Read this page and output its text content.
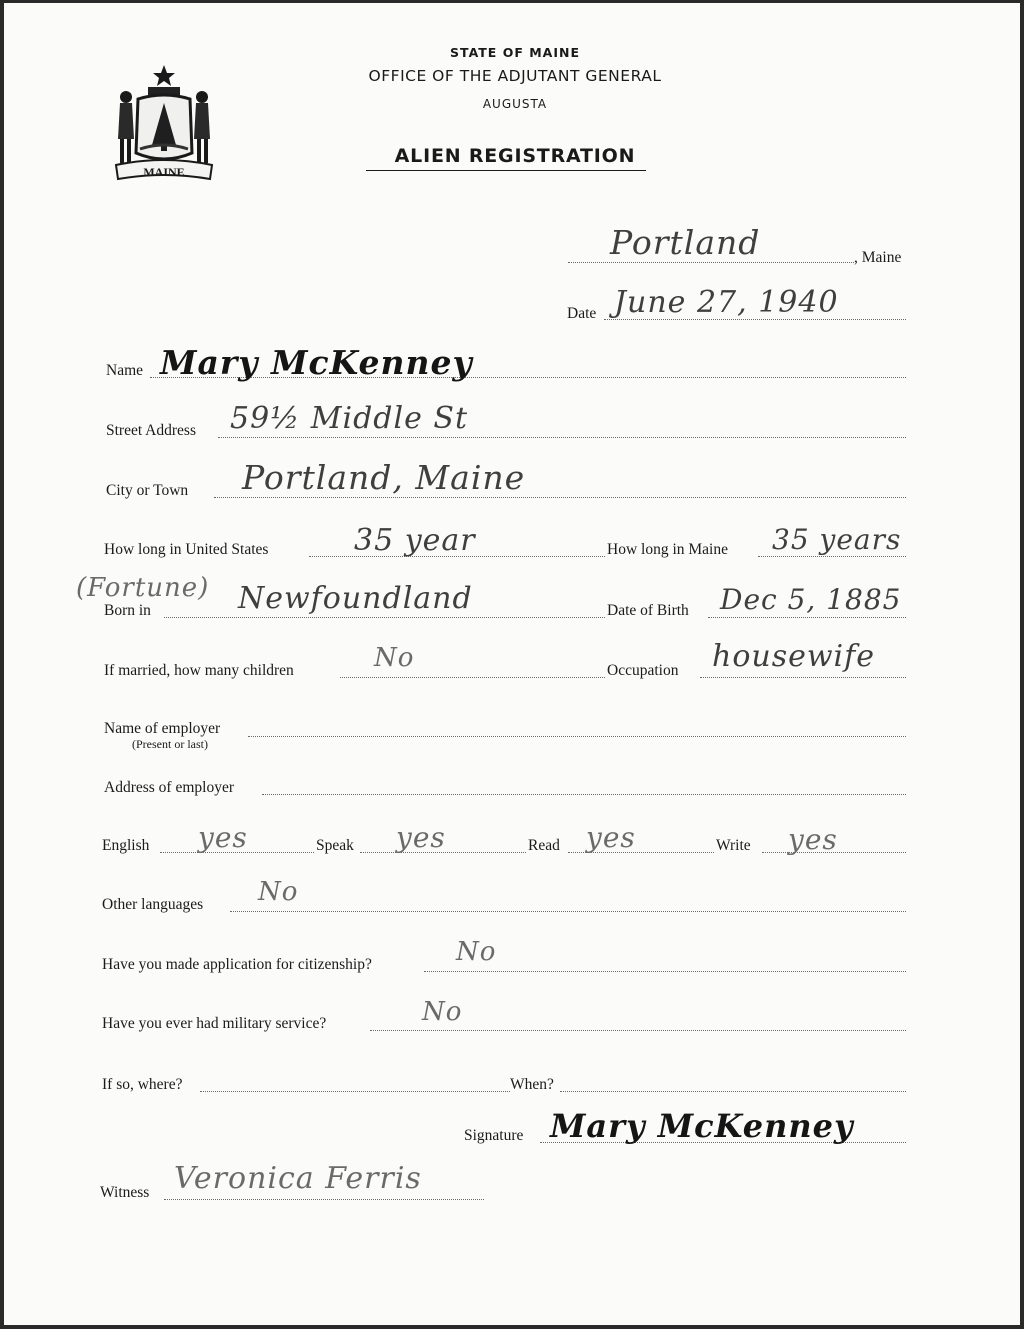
MAINE
STATE OF MAINE
OFFICE OF THE ADJUTANT GENERAL
AUGUSTA
ALIEN REGISTRATION
, Maine
Portland
Date June 27, 1940
Name Mary McKenney
Street Address 59½ Middle St
City or Town Portland, Maine
How long in United States	35 year	How long in Maine 35 years
(Fortune)
Born in	Newfoundland	Date of Birth Dec 5, 1885
If married, how many children	No	Occupation housewife
Name of employer
(Present or last)
Address of employer
English yes	Speak yes	Read yes	Write yes
Other languages No
Have you made application for citizenship?	No
Have you ever had military service?	No
If so, where?	When?
Signature Mary McKenney
Witness Veronica Ferris
